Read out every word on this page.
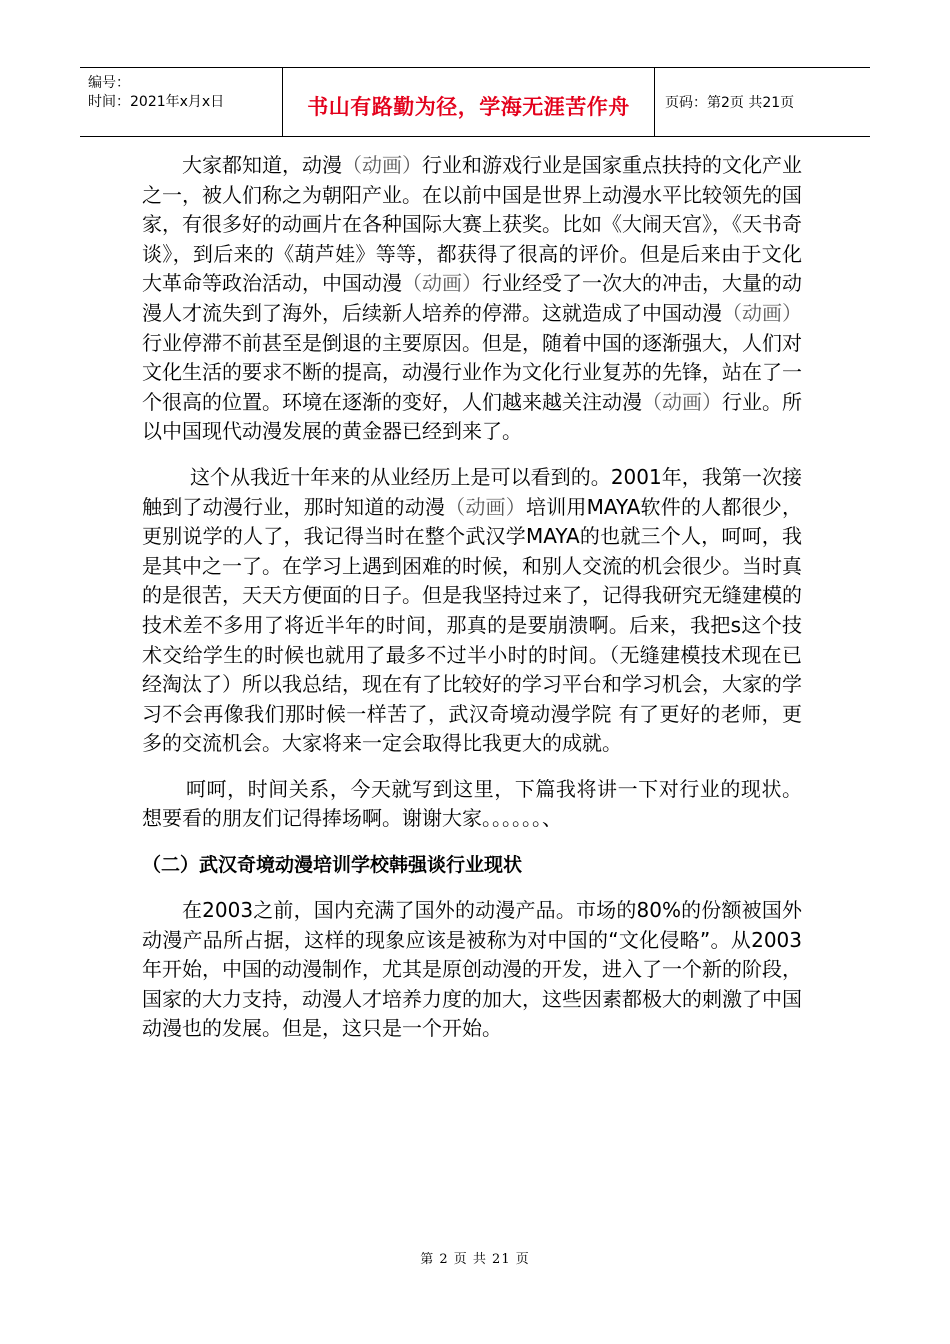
编号：
时间：2021年x月x日	书山有路勤为径，学海无涯苦作舟	页码：第2页 共21页

大家都知道，动漫（动画）行业和游戏行业是国家重点扶持的文化产业之一，被人们称之为朝阳产业。在以前中国是世界上动漫水平比较领先的国家，有很多好的动画片在各种国际大赛上获奖。比如《大闹天宫》，《天书奇谈》，到后来的《葫芦娃》等等，都获得了很高的评价。但是后来由于文化大革命等政治活动，中国动漫（动画）行业经受了一次大的冲击，大量的动漫人才流失到了海外，后续新人培养的停滞。这就造成了中国动漫（动画）行业停滞不前甚至是倒退的主要原因。但是，随着中国的逐渐强大，人们对文化生活的要求不断的提高，动漫行业作为文化行业复苏的先锋，站在了一个很高的位置。环境在逐渐的变好，人们越来越关注动漫（动画）行业。所以中国现代动漫发展的黄金器已经到来了。

这个从我近十年来的从业经历上是可以看到的。2001年，我第一次接触到了动漫行业，那时知道的动漫（动画）培训用MAYA软件的人都很少，更别说学的人了，我记得当时在整个武汉学MAYA的也就三个人，呵呵，我是其中之一了。在学习上遇到困难的时候，和别人交流的机会很少。当时真的是很苦，天天方便面的日子。但是我坚持过来了，记得我研究无缝建模的技术差不多用了将近半年的时间，那真的是要崩溃啊。后来，我把s这个技术交给学生的时候也就用了最多不过半小时的时间。（无缝建模技术现在已经淘汰了）所以我总结，现在有了比较好的学习平台和学习机会，大家的学习不会再像我们那时候一样苦了，武汉奇境动漫学院 有了更好的老师，更多的交流机会。大家将来一定会取得比我更大的成就。

呵呵，时间关系，今天就写到这里，下篇我将讲一下对行业的现状。想要看的朋友们记得捧场啊。谢谢大家。。。。。。、

（二）武汉奇境动漫培训学校韩强谈行业现状

在2003之前，国内充满了国外的动漫产品。市场的80%的份额被国外动漫产品所占据，这样的现象应该是被称为对中国的“文化侵略”。从2003年开始，中国的动漫制作，尤其是原创动漫的开发，进入了一个新的阶段，国家的大力支持，动漫人才培养力度的加大，这些因素都极大的刺激了中国动漫也的发展。但是，这只是一个开始。

第 2 页 共 21 页
